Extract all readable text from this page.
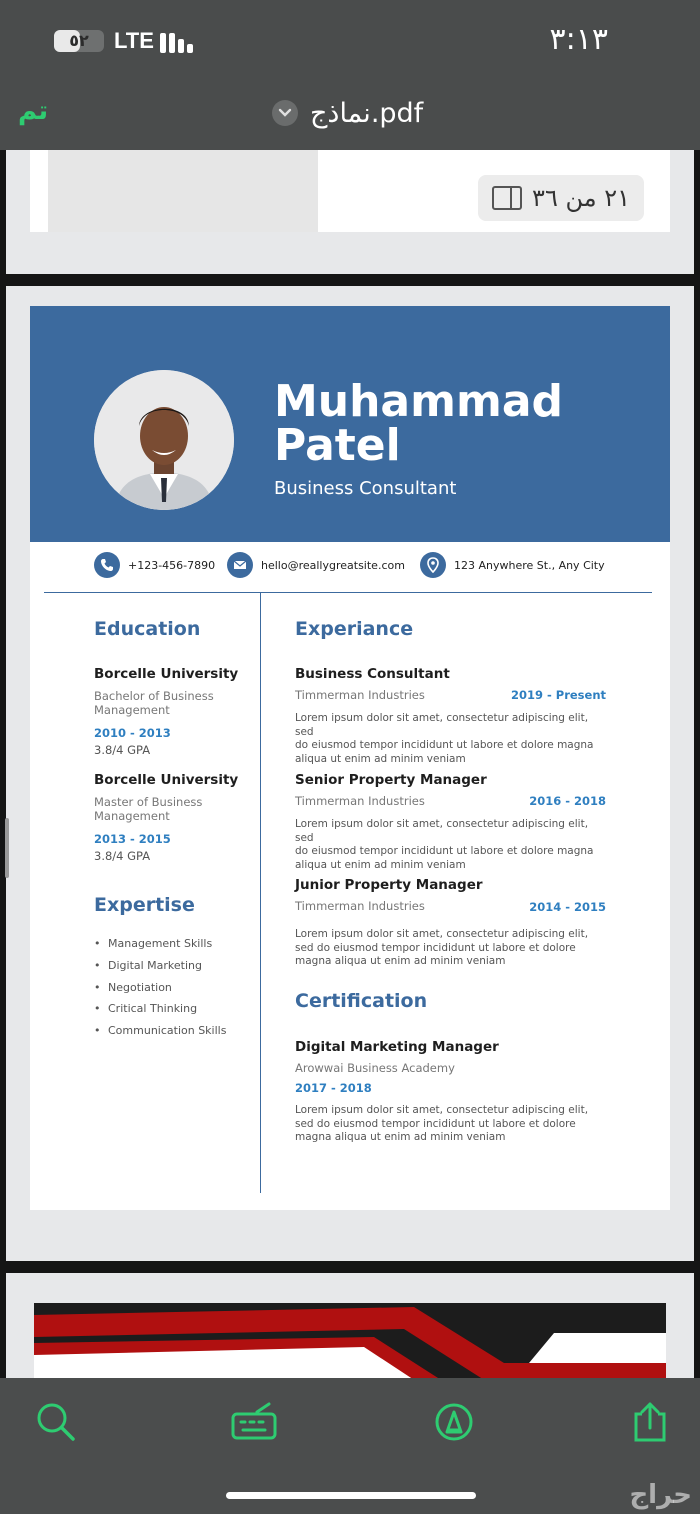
٥٢	LTE	٣:١٣
تم	نماذج.pdf
٢١ من ٣٦
Muhammad
Patel
Business Consultant
+123-456-7890	hello@reallygreatsite.com	123 Anywhere St., Any City
Education
Borcelle University
Bachelor of Business
Management
2010 - 2013
3.8/4 GPA
Borcelle University
Master of Business
Management
2013 - 2015
3.8/4 GPA
Expertise
• Management Skills
• Digital Marketing
• Negotiation
• Critical Thinking
• Communication Skills
Experiance
Business Consultant
Timmerman Industries	2019 - Present
Lorem ipsum dolor sit amet, consectetur adipiscing elit, sed
do eiusmod tempor incididunt ut labore et dolore magna
aliqua ut enim ad minim veniam
Senior Property Manager
Timmerman Industries	2016 - 2018
Lorem ipsum dolor sit amet, consectetur adipiscing elit, sed
do eiusmod tempor incididunt ut labore et dolore magna
aliqua ut enim ad minim veniam
Junior Property Manager
Timmerman Industries	2014 - 2015
Lorem ipsum dolor sit amet, consectetur adipiscing elit,
sed do eiusmod tempor incididunt ut labore et dolore
magna aliqua ut enim ad minim veniam
Certification
Digital Marketing Manager
Arowwai Business Academy
2017 - 2018
Lorem ipsum dolor sit amet, consectetur adipiscing elit,
sed do eiusmod tempor incididunt ut labore et dolore
magna aliqua ut enim ad minim veniam
حراج
